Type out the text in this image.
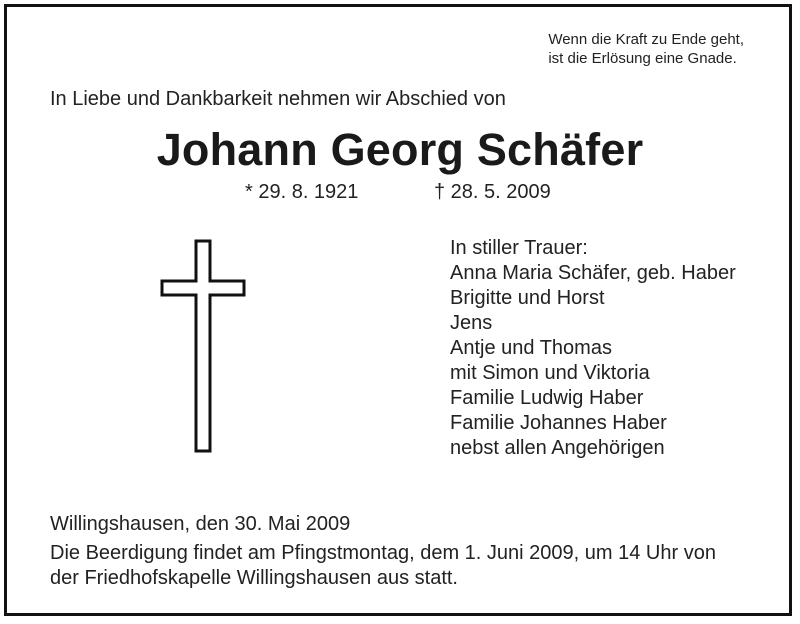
Wenn die Kraft zu Ende geht,
ist die Erlösung eine Gnade.
In Liebe und Dankbarkeit nehmen wir Abschied von
Johann Georg Schäfer
* 29. 8. 1921	† 28. 5. 2009
In stiller Trauer:
Anna Maria Schäfer, geb. Haber
Brigitte und Horst
Jens
Antje und Thomas
mit Simon und Viktoria
Familie Ludwig Haber
Familie Johannes Haber
nebst allen Angehörigen
Willingshausen, den 30. Mai 2009
Die Beerdigung findet am Pfingstmontag, dem 1. Juni 2009, um 14 Uhr von
der Friedhofskapelle Willingshausen aus statt.
